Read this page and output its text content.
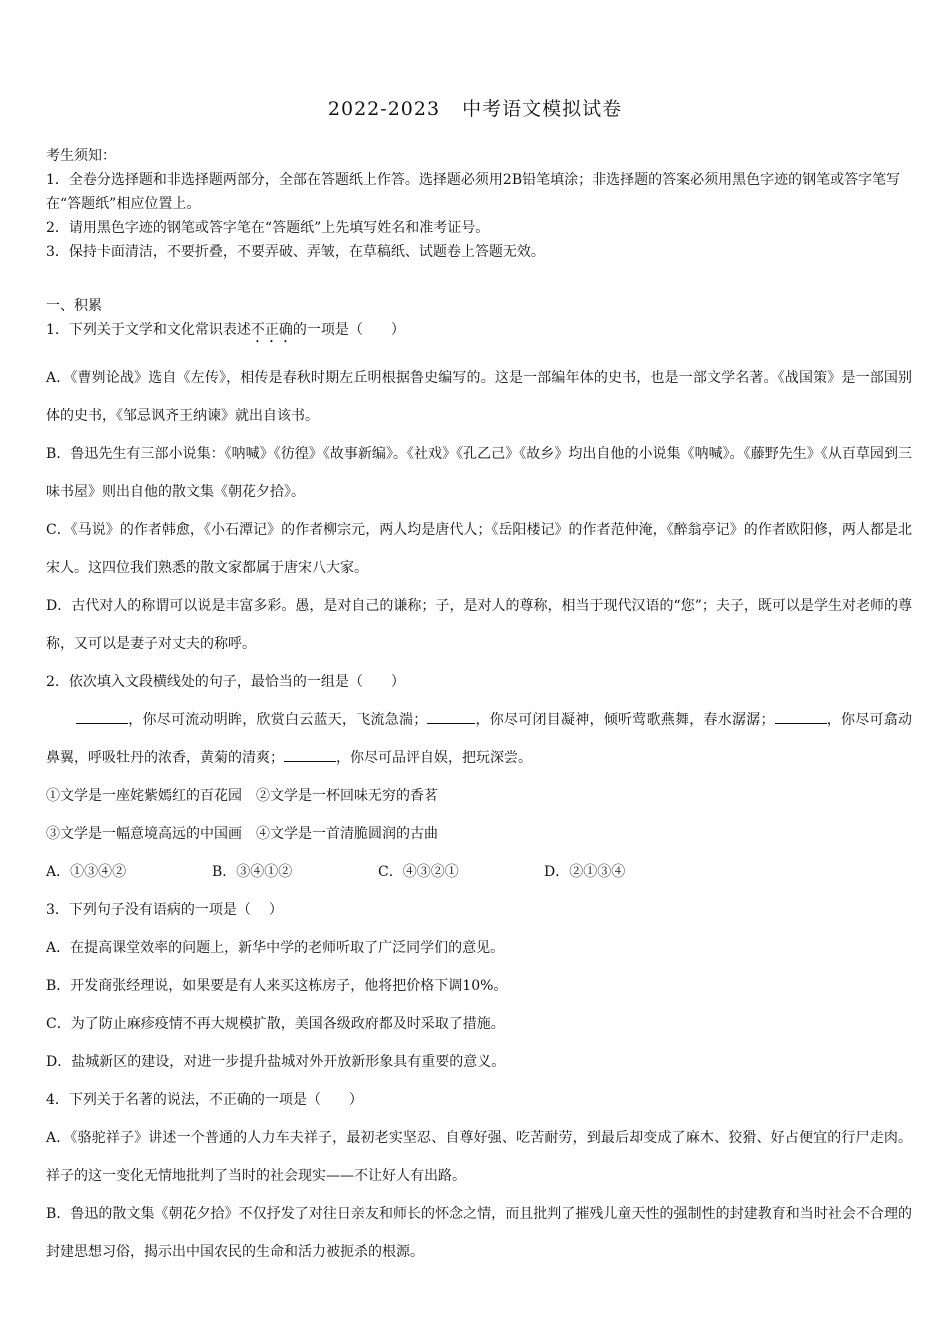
2022-2023 中考语文模拟试卷

考生须知：

1．全卷分选择题和非选择题两部分，全部在答题纸上作答。选择题必须用2B铅笔填涂；非选择题的答案必须用黑色字迹的钢笔或答字笔写在“答题纸”相应位置上。

2．请用黑色字迹的钢笔或答字笔在“答题纸”上先填写姓名和准考证号。

3．保持卡面清洁，不要折叠，不要弄破、弄皱，在草稿纸、试题卷上答题无效。

一、积累

1．下列关于文学和文化常识表述不正确的一项是（ ）

A．《曹刿论战》选自《左传》，相传是春秋时期左丘明根据鲁史编写的。这是一部编年体的史书，也是一部文学名著。《战国策》是一部国别体的史书，《邹忌讽齐王纳谏》就出自该书。

B．鲁迅先生有三部小说集：《呐喊》《彷徨》《故事新编》。《社戏》《孔乙己》《故乡》均出自他的小说集《呐喊》。《藤野先生》《从百草园到三味书屋》则出自他的散文集《朝花夕拾》。

C．《马说》的作者韩愈，《小石潭记》的作者柳宗元，两人均是唐代人；《岳阳楼记》的作者范仲淹，《醉翁亭记》的作者欧阳修，两人都是北宋人。这四位我们熟悉的散文家都属于唐宋八大家。

D．古代对人的称谓可以说是丰富多彩。愚，是对自己的谦称；子，是对人的尊称，相当于现代汉语的“您”；夫子，既可以是学生对老师的尊称，又可以是妻子对丈夫的称呼。

2．依次填入文段横线处的句子，最恰当的一组是（ ）

，你尽可流动明眸，欣赏白云蓝天，飞流急湍；	，你尽可闭目凝神，倾听莺歌燕舞，春水潺潺；	，你尽可翕动鼻翼，呼吸牡丹的浓香，黄菊的清爽；	，你尽可品评自娱，把玩深尝。

①文学是一座姹紫嫣红的百花园　②文学是一杯回味无穷的香茗

③文学是一幅意境高远的中国画　④文学是一首清脆圆润的古曲

A．①③④②	B．③④①②	C．④③②①	D．②①③④

3．下列句子没有语病的一项是（ ）

A．在提高课堂效率的问题上，新华中学的老师听取了广泛同学们的意见。

B．开发商张经理说，如果要是有人来买这栋房子，他将把价格下调10%。

C．为了防止麻疹疫情不再大规模扩散，美国各级政府都及时采取了措施。

D．盐城新区的建设，对进一步提升盐城对外开放新形象具有重要的意义。

4．下列关于名著的说法，不正确的一项是（ ）

A．《骆驼祥子》讲述一个普通的人力车夫祥子，最初老实坚忍、自尊好强、吃苦耐劳，到最后却变成了麻木、狡猾、好占便宜的行尸走肉。祥子的这一变化无情地批判了当时的社会现实——不让好人有出路。

B．鲁迅的散文集《朝花夕拾》不仅抒发了对往日亲友和师长的怀念之情，而且批判了摧残儿童天性的强制性的封建教育和当时社会不合理的封建思想习俗，揭示出中国农民的生命和活力被扼杀的根源。
